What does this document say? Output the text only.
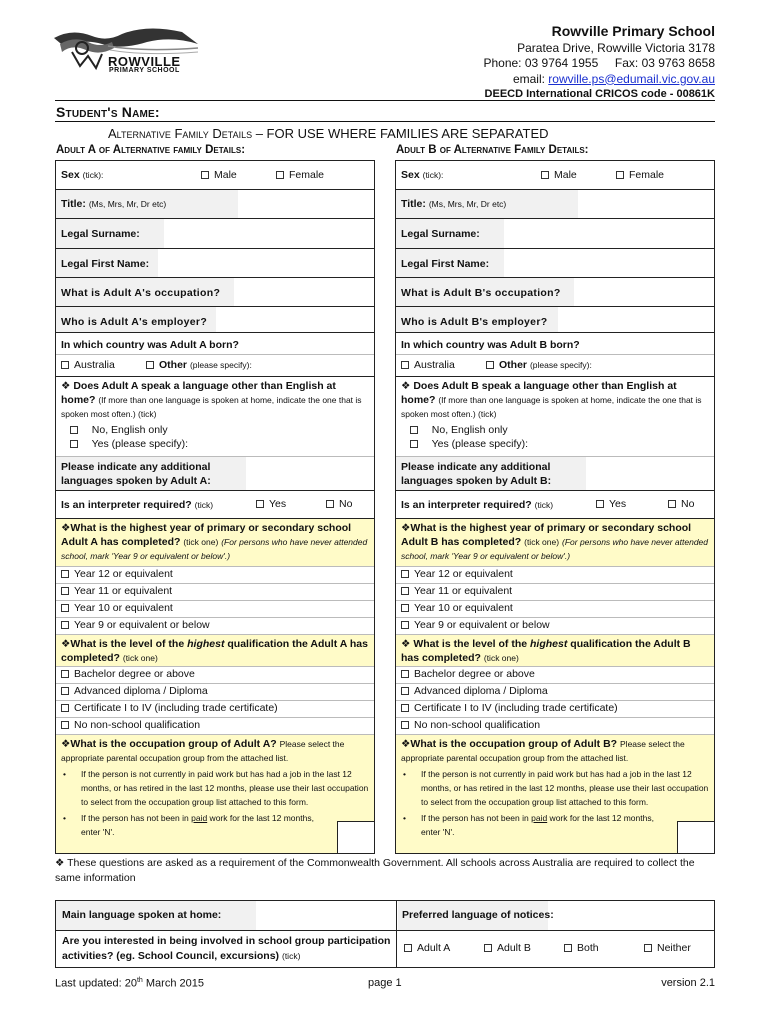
ROWVILLE
PRIMARY SCHOOL
Rowville Primary School
Paratea Drive, Rowville Victoria 3178
Phone: 03 9764 1955     Fax: 03 9763 8658
email: rowville.ps@edumail.vic.gov.au
DEECD International CRICOS code - 00861K
Student's Name:
Alternative Family Details – FOR USE WHERE FAMILIES ARE SEPARATED
Adult A of Alternative family Details:	Adult B of Alternative Family Details:
Sex (tick):	Male	Female
Title: (Ms, Mrs, Mr, Dr etc)
Legal Surname:
Legal First Name:
What is Adult A's occupation?
Who is Adult A's employer?
In which country was Adult A born?
Australia	Other (please specify):
❖ Does Adult A speak a language other than English at home? (If more than one language is spoken at home, indicate the one that is spoken most often.) (tick)
No, English only
Yes (please specify):
Please indicate any additional languages spoken by Adult A:
Is an interpreter required? (tick)	Yes	No
❖What is the highest year of primary or secondary school Adult A has completed? (tick one) (For persons who have never attended school, mark 'Year 9 or equivalent or below'.)
Year 12 or equivalent
Year 11 or equivalent
Year 10 or equivalent
Year 9 or equivalent or below
❖What is the level of the highest qualification the Adult A has completed? (tick one)
Bachelor degree or above
Advanced diploma / Diploma
Certificate I to IV (including trade certificate)
No non-school qualification
❖What is the occupation group of Adult A? Please select the appropriate parental occupation group from the attached list.
• If the person is not currently in paid work but has had a job in the last 12 months, or has retired in the last 12 months, please use their last occupation to select from the occupation group list attached to this form.
• If the person has not been in paid work for the last 12 months, enter 'N'.
Sex (tick):	Male	Female
Title: (Ms, Mrs, Mr, Dr etc)
Legal Surname:
Legal First Name:
What is Adult B's occupation?
Who is Adult B's employer?
In which country was Adult B born?
Australia	Other (please specify):
❖ Does Adult B speak a language other than English at home? (If more than one language is spoken at home, indicate the one that is spoken most often.) (tick)
No, English only
Yes (please specify):
Please indicate any additional languages spoken by Adult B:
Is an interpreter required? (tick)	Yes	No
❖What is the highest year of primary or secondary school Adult B has completed? (tick one) (For persons who have never attended school, mark 'Year 9 or equivalent or below'.)
Year 12 or equivalent
Year 11 or equivalent
Year 10 or equivalent
Year 9 or equivalent or below
❖ What is the level of the highest qualification the Adult B has completed? (tick one)
Bachelor degree or above
Advanced diploma / Diploma
Certificate I to IV (including trade certificate)
No non-school qualification
❖What is the occupation group of Adult B? Please select the appropriate parental occupation group from the attached list.
• If the person is not currently in paid work but has had a job in the last 12 months, or has retired in the last 12 months, please use their last occupation to select from the occupation group list attached to this form.
• If the person has not been in paid work for the last 12 months, enter 'N'.
❖ These questions are asked as a requirement of the Commonwealth Government. All schools across Australia are required to collect the same information
Main language spoken at home:	Preferred language of notices:
Are you interested in being involved in school group participation activities? (eg. School Council, excursions) (tick)
Adult A	Adult B	Both	Neither
Last updated: 20th March 2015	page 1	version 2.1
